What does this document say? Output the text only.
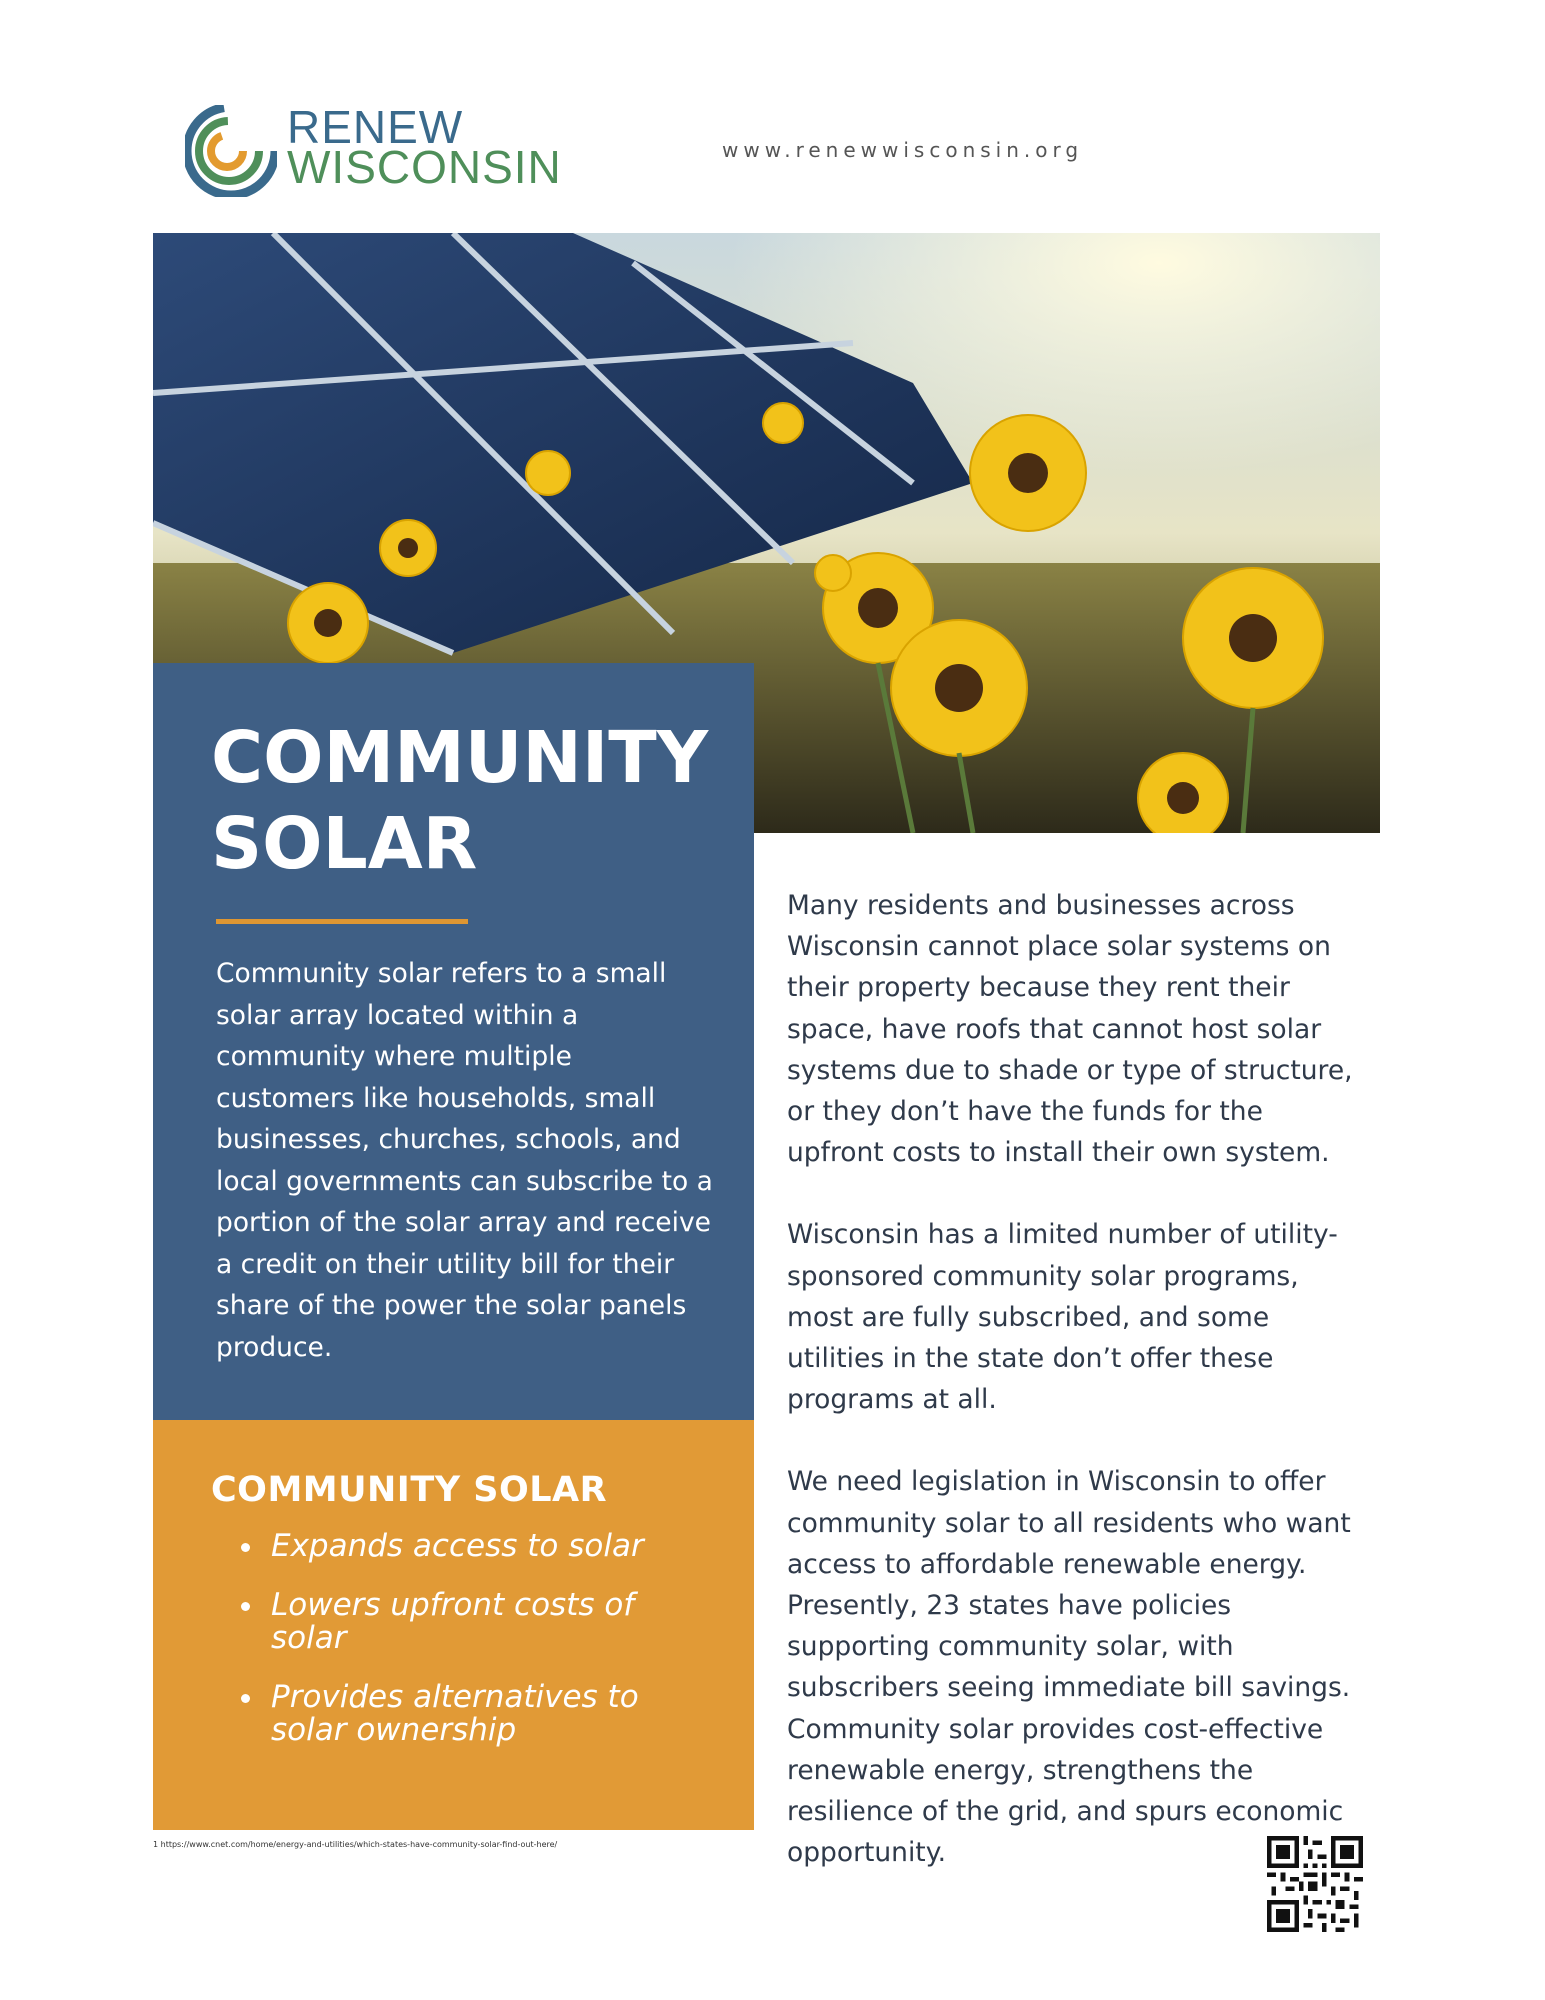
RENEW
WISCONSIN	www.renewwisconsin.org
COMMUNITY SOLAR

Community solar refers to a small solar array located within a community where multiple customers like households, small businesses, churches, schools, and local governments can subscribe to a portion of the solar array and receive a credit on their utility bill for their share of the power the solar panels produce.

COMMUNITY SOLAR
Expands access to solar
Lowers upfront costs of solar
Provides alternatives to solar ownership

Many residents and businesses across Wisconsin cannot place solar systems on their property because they rent their space, have roofs that cannot host solar systems due to shade or type of structure, or they don’t have the funds for the upfront costs to install their own system.

Wisconsin has a limited number of utility-sponsored community solar programs, most are fully subscribed, and some utilities in the state don’t offer these programs at all.

We need legislation in Wisconsin to offer community solar to all residents who want access to affordable renewable energy. Presently, 23 states have policies supporting community solar, with subscribers seeing immediate bill savings. Community solar provides cost-effective renewable energy, strengthens the resilience of the grid, and spurs economic opportunity.

1 https://www.cnet.com/home/energy-and-utilities/which-states-have-community-solar-find-out-here/
